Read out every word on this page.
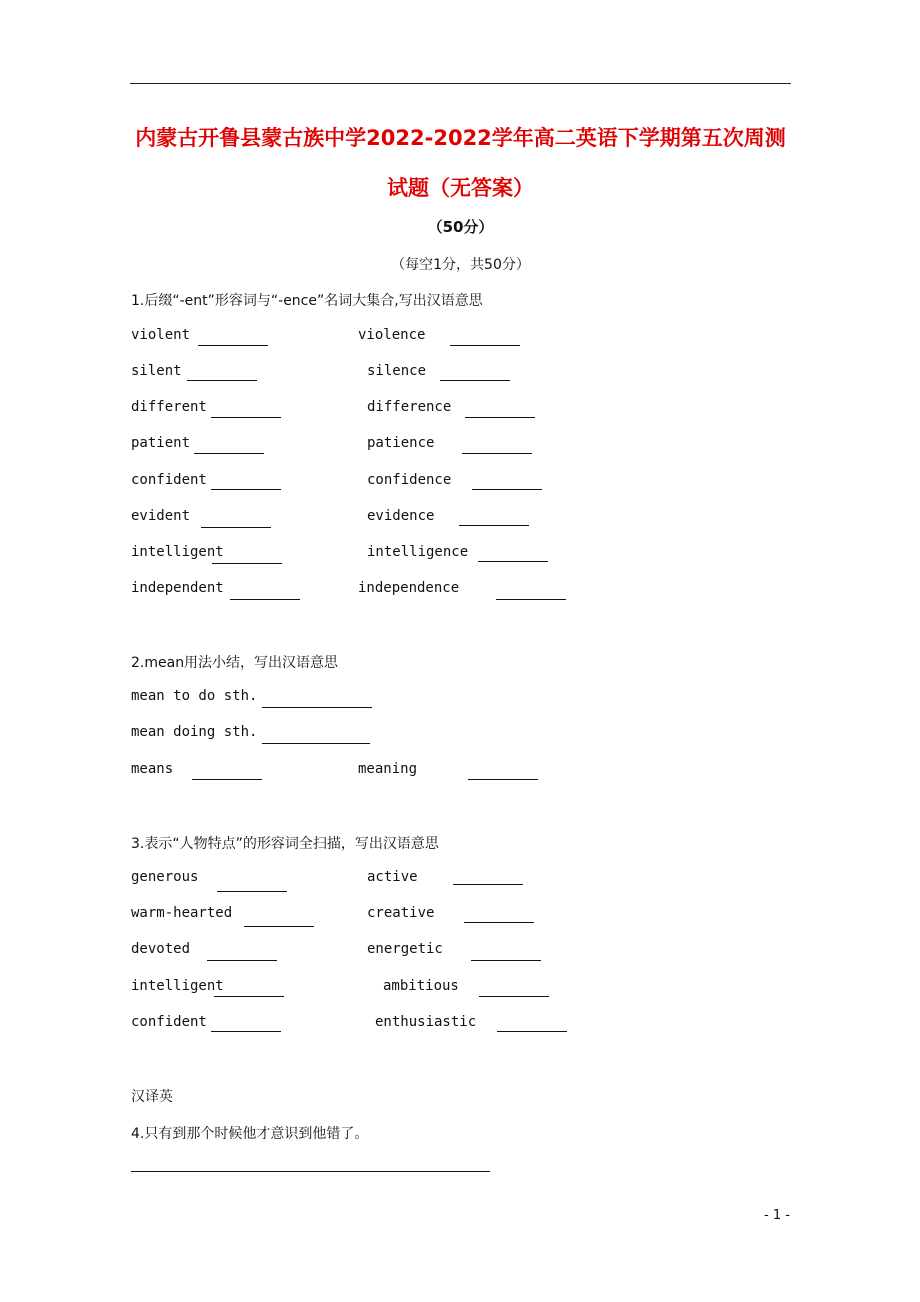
内蒙古开鲁县蒙古族中学2022-2022学年高二英语下学期第五次周测
试题（无答案）
（50分）
（每空1分，共50分）
1.后缀“-ent”形容词与“-ence”名词大集合,写出汉语意思
violent	violence
silent	silence
different	difference
patient	patience
confident	confidence
evident	evidence
intelligent	intelligence
independent	independence
2.mean用法小结，写出汉语意思
mean to do sth.
mean doing sth.
means	meaning
3.表示“人物特点”的形容词全扫描，写出汉语意思
generous	active
warm-hearted	creative
devoted	energetic
intelligent	ambitious
confident	enthusiastic
汉译英
4.只有到那个时候他才意识到他错了。
- 1 -
